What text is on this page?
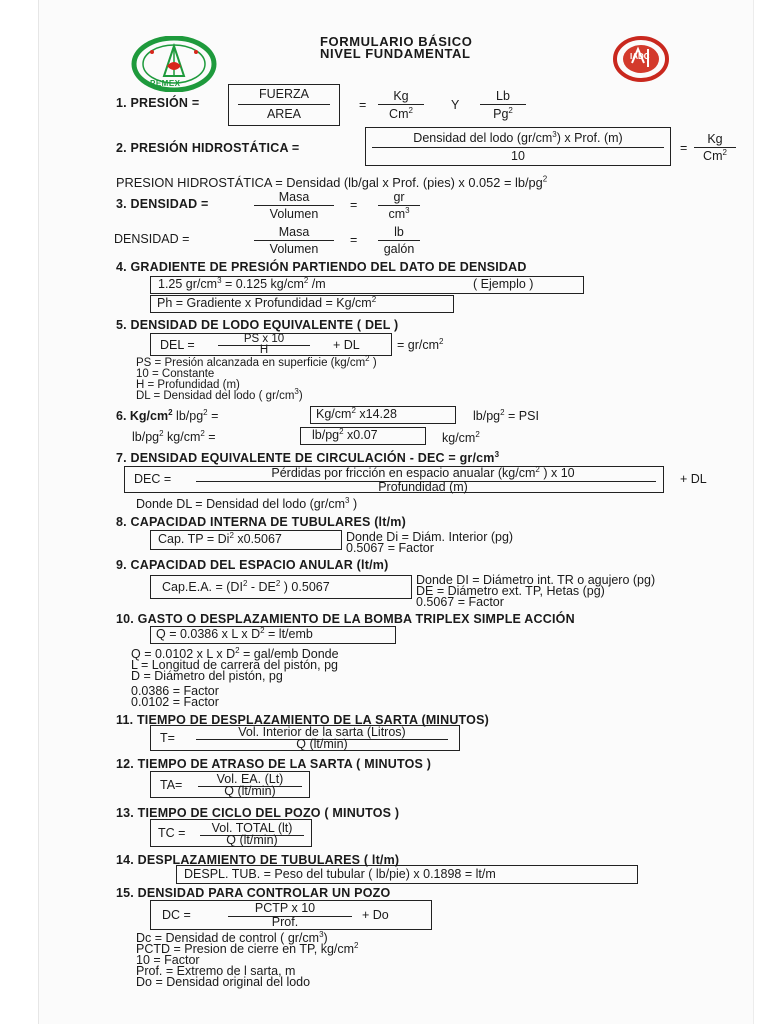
PEMEX
FORMULARIO BÁSICO
NIVEL FUNDAMENTAL	IADC
1. PRESIÓN =
FUERZA
AREA
=
Kg
Cm$^2$	Y
Lb
Pg$^2$
2. PRESIÓN HIDROSTÁTICA =
Densidad del lodo $(gr/cm^3)$ x Prof. (m)
10
=
Kg
Cm$^2$
PRESION HIDROSTÁTICA = Densidad (lb/gal x Prof. (pies) x $0.052 = lb/pg^2$
3. DENSIDAD =	Masa
Volumen
=
gr
$cm^3$
DENSIDAD =	Masa
Volumen
=
lb
galón
4. GRADIENTE DE PRESIÓN PARTIENDO DEL DATO DE DENSIDAD
1.25 $gr/cm^3 = 0.125$ $kg/cm^2$ /m	( Ejemplo )
Ph = Gradiente x Profundidad = $Kg/cm^2$
5. DENSIDAD DE LODO EQUIVALENTE ( DEL )
DEL =	PS x 10
H	+ DL	= $gr/cm^2$
PS = Presión alcanzada en superficie ($kg/cm^2$ )
10 = Constante
H = Profundidad (m)
DL = Densidad del lodo ( $gr/cm^3$)
6. $Kg/cm^2$ $lb/pg^2$ =	$Kg/cm^2$ x14.28	$lb/pg^2$ = PSI
$lb/pg^2$ $kg/cm^2$ =	$lb/pg^2$ x0.07	$kg/cm^2$
7. DENSIDAD EQUIVALENTE DE CIRCULACIÓN - DEC = $gr/cm^3$
DEC =	Pérdidas por fricción en espacio anualar ($kg/cm^2$ ) x 10
Profundidad (m)
+ DL
Donde DL = Densidad del lodo ($gr/cm^3$ )
8. CAPACIDAD INTERNA DE TUBULARES (lt/m)
Cap. TP = $Di^2$ x0.5067	Donde Di = Diám. Interior (pg)
0.5067 = Factor
9. CAPACIDAD DEL ESPACIO ANULAR (lt/m)
Cap.E.A. = ($DI^2 - DE^2$ ) 0.5067	Donde DI = Diámetro int. TR o agujero (pg)
DE = Diámetro ext. TP, Hetas (pg)
0.5067 = Factor
10. GASTO O DESPLAZAMIENTO DE LA BOMBA TRIPLEX SIMPLE ACCIÓN
Q = 0.0386 x L x $D^2 = lt/emb$
Q = 0.0102 x L x $D^2 = gal/emb$ Donde
L = Longitud de carrera del pistón, pg
D = Diámetro del pistón, pg
0.0386 = Factor
0.0102 = Factor
11. TIEMPO DE DESPLAZAMIENTO DE LA SARTA (MINUTOS)
T=	Vol. Interior de la sarta (Litros)
Q (lt/min)
12. TIEMPO DE ATRASO DE LA SARTA ( MINUTOS )
TA=	Vol. EA. (Lt)
Q (lt/min)
13. TIEMPO DE CICLO DEL POZO ( MINUTOS )
TC =	Vol. TOTAL (lt)
Q (lt/min)
14. DESPLAZAMIENTO DE TUBULARES ( lt/m)
DESPL. TUB. = Peso del tubular ( lb/pie) x 0.1898 = lt/m
15. DENSIDAD PARA CONTROLAR UN POZO
DC =	PCTP x 10
Prof.	+ Do
Dc = Densidad de control ( $gr/cm^3$)
PCTD = Presion de cierre en TP, $kg/cm^2$
10 = Factor
Prof. = Extremo de l sarta, m
Do = Densidad original del lodo
